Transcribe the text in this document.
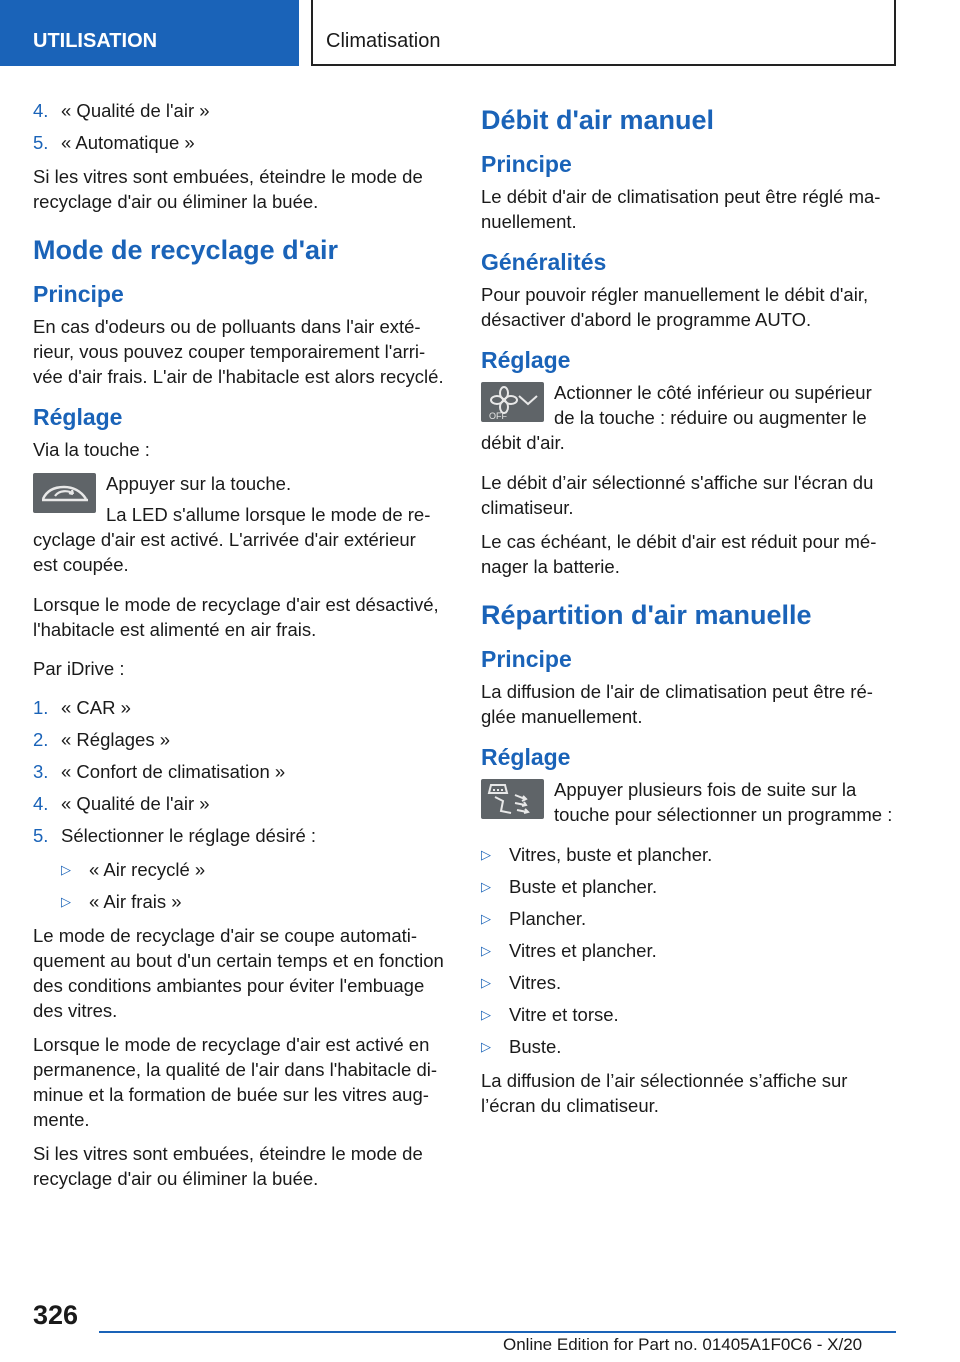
UTILISATION	Climatisation
4. « Qualité de l'air »
5. « Automatique »

Si les vitres sont embuées, éteindre le mode de recyclage d'air ou éliminer la buée.

Mode de recyclage d'air
Principe

En cas d'odeurs ou de polluants dans l'air extérieur, vous pouvez couper temporairement l'arrivée d'air frais. L'air de l'habitacle est alors recyclé.

Réglage

Via la touche :

Appuyer sur la touche.

La LED s'allume lorsque le mode de recyclage d'air est activé. L'arrivée d'air extérieur est coupée.

Lorsque le mode de recyclage d'air est désactivé, l'habitacle est alimenté en air frais.

Par iDrive :

1. « CAR »
2. « Réglages »
3. « Confort de climatisation »
4. « Qualité de l'air »
5. Sélectionner le réglage désiré :
▷ « Air recyclé »
▷ « Air frais »

Le mode de recyclage d'air se coupe automatiquement au bout d'un certain temps et en fonction des conditions ambiantes pour éviter l'embuage des vitres.

Lorsque le mode de recyclage d'air est activé en permanence, la qualité de l'air dans l'habitacle diminue et la formation de buée sur les vitres augmente.

Si les vitres sont embuées, éteindre le mode de recyclage d'air ou éliminer la buée.

Débit d'air manuel
Principe

Le débit d'air de climatisation peut être réglé manuellement.

Généralités

Pour pouvoir régler manuellement le débit d'air, désactiver d'abord le programme AUTO.

Réglage
OFF

Actionner le côté inférieur ou supérieur de la touche : réduire ou augmenter le débit d'air.

Le débit d’air sélectionné s'affiche sur l'écran du climatiseur.

Le cas échéant, le débit d'air est réduit pour ménager la batterie.

Répartition d'air manuelle
Principe

La diffusion de l'air de climatisation peut être réglée manuellement.

Réglage

Appuyer plusieurs fois de suite sur la touche pour sélectionner un programme :

▷ Vitres, buste et plancher.
▷ Buste et plancher.
▷ Plancher.
▷ Vitres et plancher.
▷ Vitres.
▷ Vitre et torse.
▷ Buste.

La diffusion de l’air sélectionnée s’affiche sur l’écran du climatiseur.

326
Online Edition for Part no. 01405A1F0C6 - X/20
